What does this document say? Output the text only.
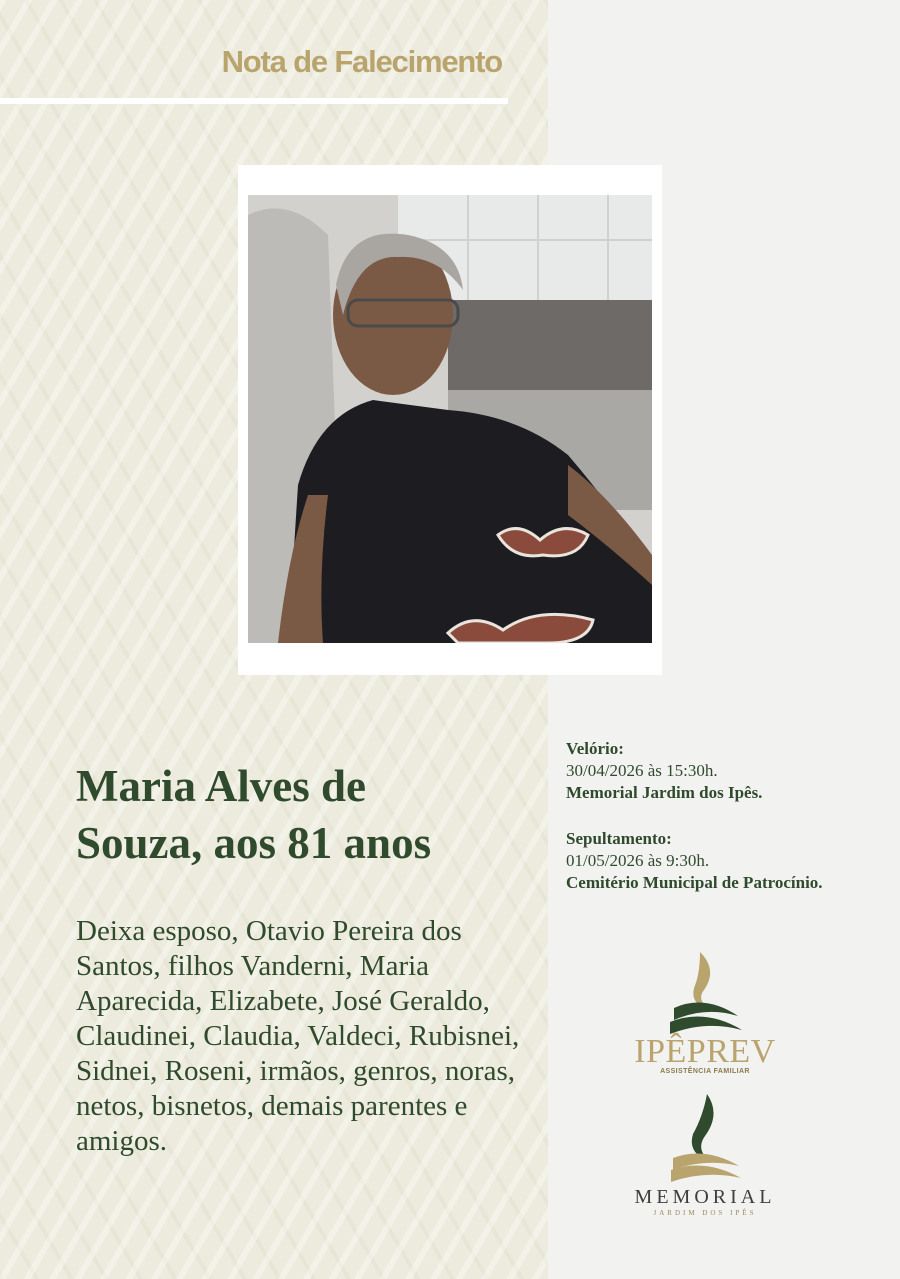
Nota de Falecimento
Maria Alves de
Souza, aos 81 anos
Deixa esposo, Otavio Pereira dos Santos, filhos Vanderni, Maria Aparecida, Elizabete, José Geraldo, Claudinei, Claudia, Valdeci, Rubisnei, Sidnei, Roseni, irmãos, genros, noras, netos, bisnetos, demais parentes e amigos.
Velório:
30/04/2026 às 15:30h.
Memorial Jardim dos Ipês.
Sepultamento:
01/05/2026 às 9:30h.
Cemitério Municipal de Patrocínio.
IPÊPREV
ASSISTÊNCIA FAMILIAR
MEMORIAL
JARDIM DOS IPÊS
